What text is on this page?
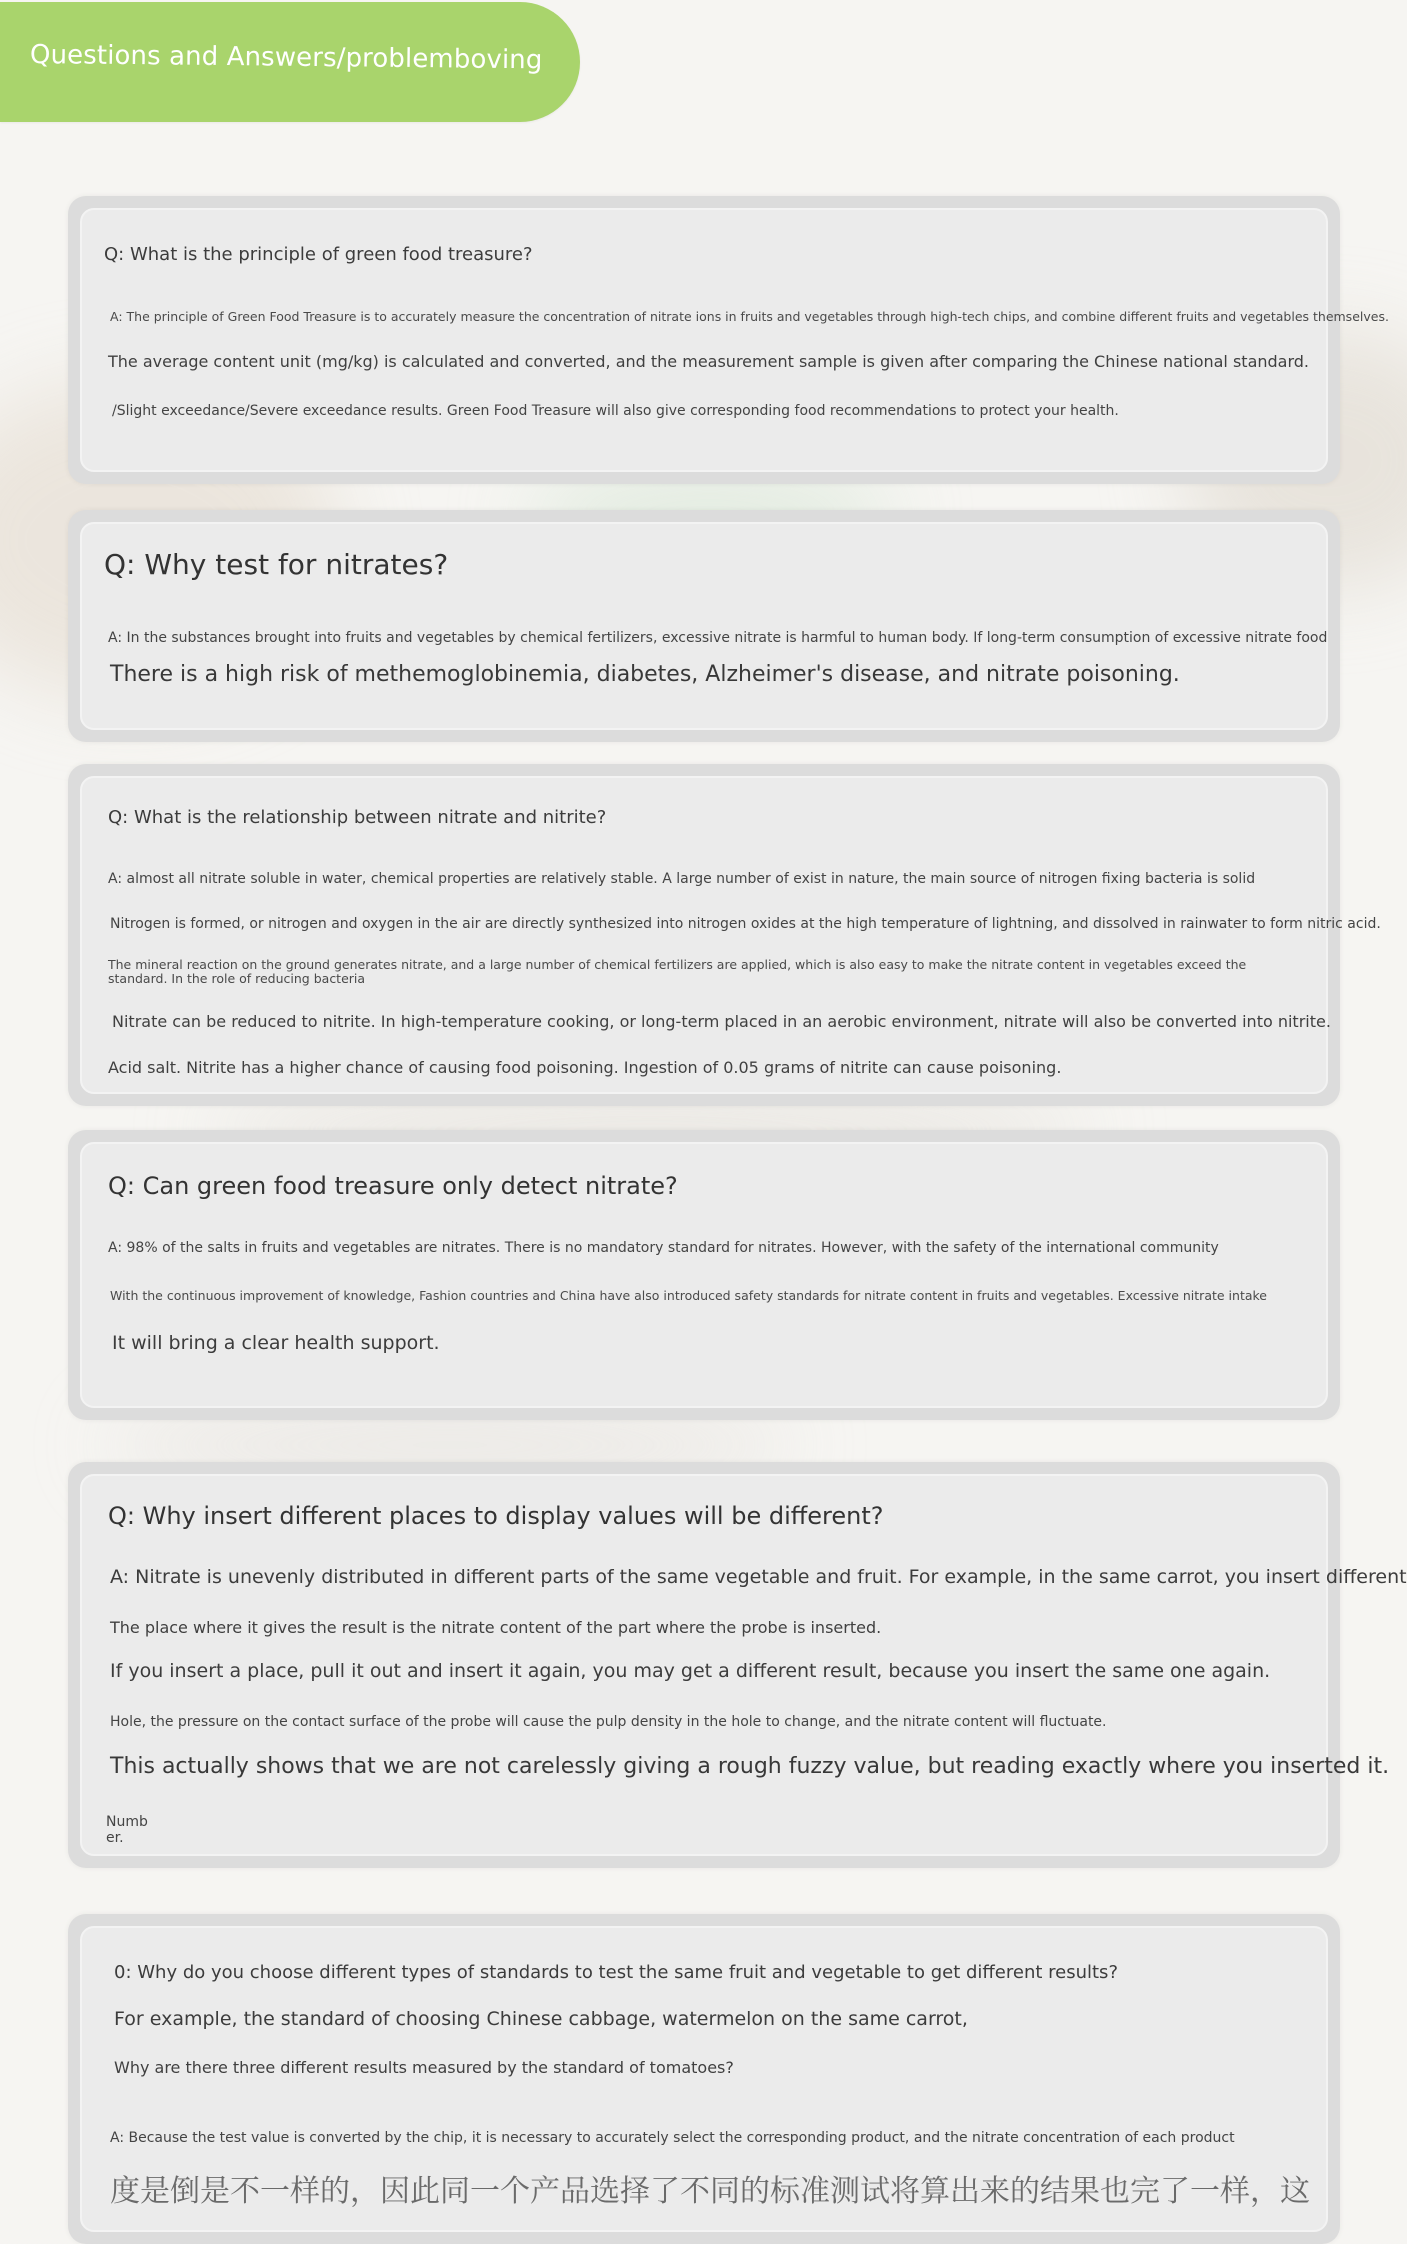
Questions and Answers/problemboving

Q: What is the principle of green food treasure?

A: The principle of Green Food Treasure is to accurately measure the concentration of nitrate ions in fruits and vegetables through high-tech chips, and combine different fruits and vegetables themselves.

The average content unit (mg/kg) is calculated and converted, and the measurement sample is given after comparing the Chinese national standard.

/Slight exceedance/Severe exceedance results. Green Food Treasure will also give corresponding food recommendations to protect your health.

Q: Why test for nitrates?

A: In the substances brought into fruits and vegetables by chemical fertilizers, excessive nitrate is harmful to human body. If long-term consumption of excessive nitrate food

There is a high risk of methemoglobinemia, diabetes, Alzheimer's disease, and nitrate poisoning.

Q: What is the relationship between nitrate and nitrite?

A: almost all nitrate soluble in water, chemical properties are relatively stable. A large number of exist in nature, the main source of nitrogen fixing bacteria is solid

Nitrogen is formed, or nitrogen and oxygen in the air are directly synthesized into nitrogen oxides at the high temperature of lightning, and dissolved in rainwater to form nitric acid.

The mineral reaction on the ground generates nitrate, and a large number of chemical fertilizers are applied, which is also easy to make the nitrate content in vegetables exceed the standard. In the role of reducing bacteria

Nitrate can be reduced to nitrite. In high-temperature cooking, or long-term placed in an aerobic environment, nitrate will also be converted into nitrite.

Acid salt. Nitrite has a higher chance of causing food poisoning. Ingestion of 0.05 grams of nitrite can cause poisoning.

Q: Can green food treasure only detect nitrate?

A: 98% of the salts in fruits and vegetables are nitrates. There is no mandatory standard for nitrates. However, with the safety of the international community

With the continuous improvement of knowledge, Fashion countries and China have also introduced safety standards for nitrate content in fruits and vegetables. Excessive nitrate intake

It will bring a clear health support.

Q: Why insert different places to display values will be different?

A: Nitrate is unevenly distributed in different parts of the same vegetable and fruit. For example, in the same carrot, you insert different

The place where it gives the result is the nitrate content of the part where the probe is inserted.

If you insert a place, pull it out and insert it again, you may get a different result, because you insert the same one again.

Hole, the pressure on the contact surface of the probe will cause the pulp density in the hole to change, and the nitrate content will fluctuate.

This actually shows that we are not carelessly giving a rough fuzzy value, but reading exactly where you inserted it.

Numb

er.

0: Why do you choose different types of standards to test the same fruit and vegetable to get different results?

For example, the standard of choosing Chinese cabbage, watermelon on the same carrot,

Why are there three different results measured by the standard of tomatoes?

A: Because the test value is converted by the chip, it is necessary to accurately select the corresponding product, and the nitrate concentration of each product

度是倒是不一样的，因此同一个产品选择了不同的标准测试将算出来的结果也完了一样，这
